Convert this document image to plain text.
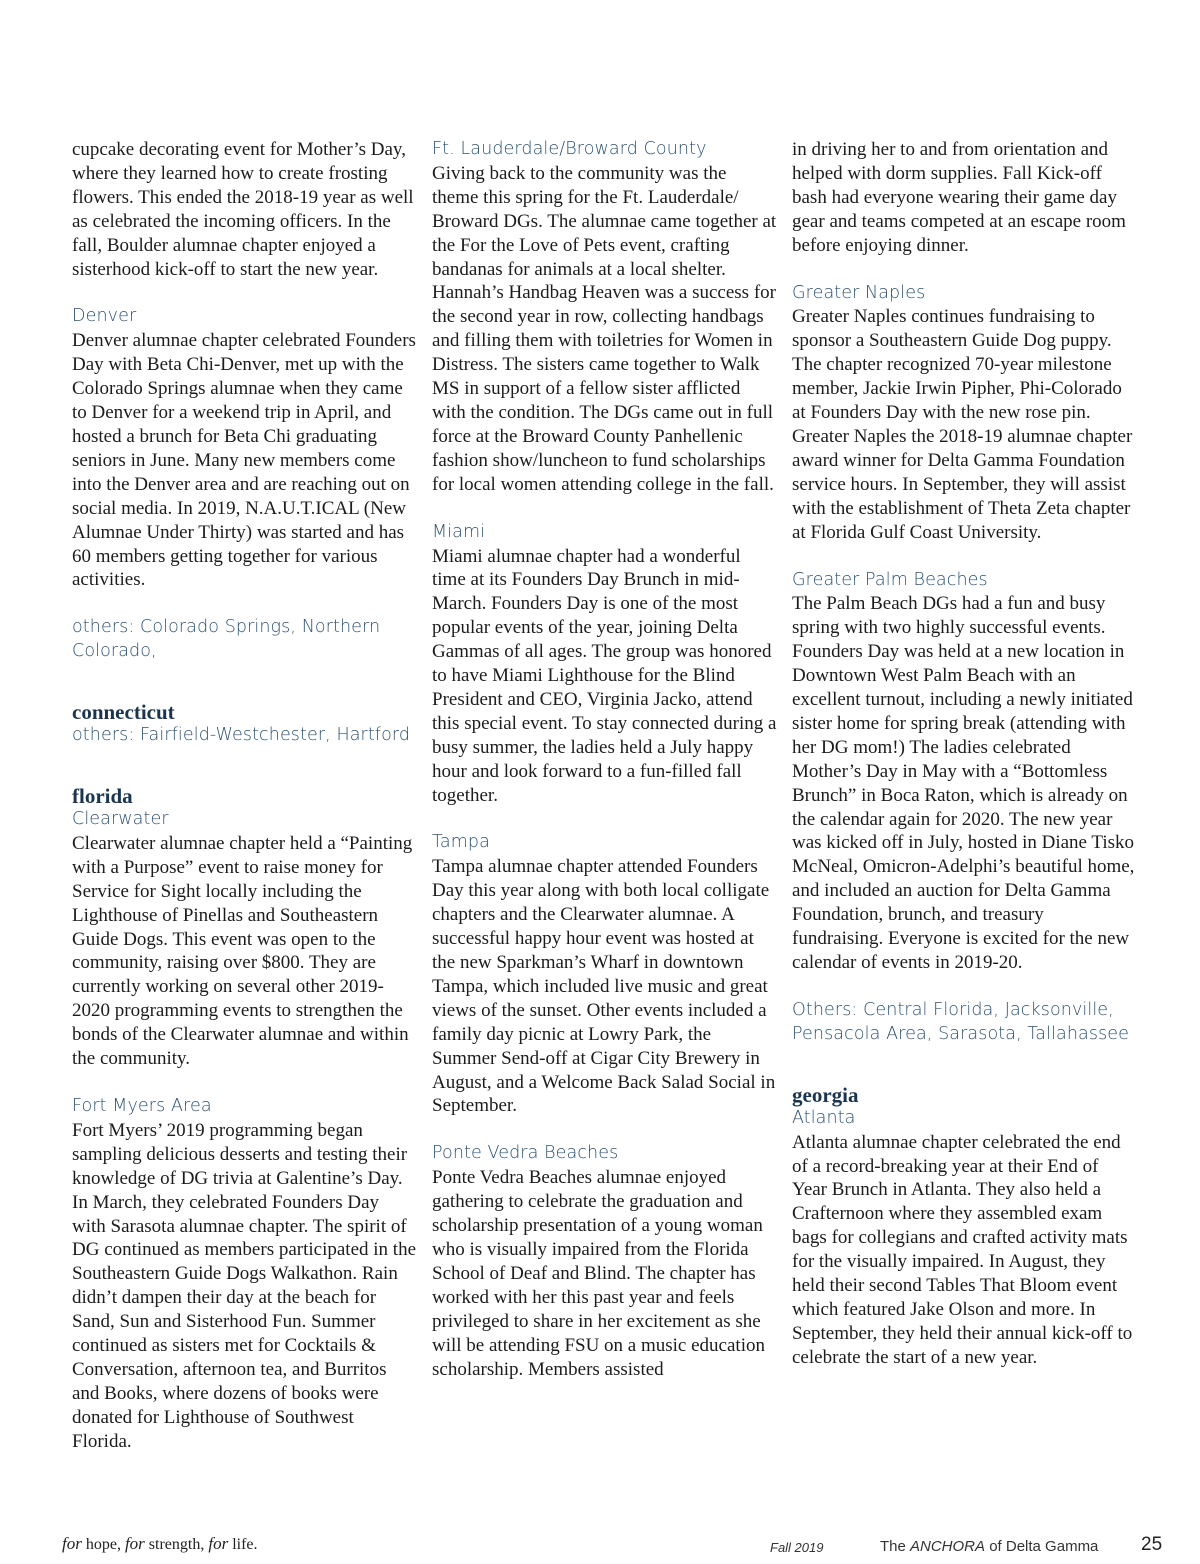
cupcake decorating event for Mother’s Day, where they learned how to create frosting flowers. This ended the 2018-19 year as well as celebrated the incoming officers. In the fall, Boulder alumnae chapter enjoyed a sisterhood kick-off to start the new year.

Denver

Denver alumnae chapter celebrated Founders Day with Beta Chi-Denver, met up with the Colorado Springs alumnae when they came to Denver for a weekend trip in April, and hosted a brunch for Beta Chi graduating seniors in June. Many new members come into the Denver area and are reaching out on social media. In 2019, N.A.U.T.ICAL (New Alumnae Under Thirty) was started and has 60 members getting together for various activities.

others: Colorado Springs, Northern Colorado,
connecticut
others: Fairfield-Westchester, Hartford
florida
Clearwater

Clearwater alumnae chapter held a “Painting with a Purpose” event to raise money for Service for Sight locally including the Lighthouse of Pinellas and Southeastern Guide Dogs. This event was open to the community, raising over $800. They are currently working on several other 2019-2020 programming events to strengthen the bonds of the Clearwater alumnae and within the community.

Fort Myers Area

Fort Myers’ 2019 programming began sampling delicious desserts and testing their knowledge of DG trivia at Galentine’s Day. In March, they celebrated Founders Day with Sarasota alumnae chapter. The spirit of DG continued as members participated in the Southeastern Guide Dogs Walkathon. Rain didn’t dampen their day at the beach for Sand, Sun and Sisterhood Fun. Summer continued as sisters met for Cocktails & Conversation, afternoon tea, and Burritos and Books, where dozens of books were donated for Lighthouse of Southwest Florida.

Ft. Lauderdale/Broward County

Giving back to the community was the theme this spring for the Ft. Lauderdale/ Broward DGs. The alumnae came together at the For the Love of Pets event, crafting bandanas for animals at a local shelter. Hannah’s Handbag Heaven was a success for the second year in row, collecting handbags and filling them with toiletries for Women in Distress. The sisters came together to Walk MS in support of a fellow sister afflicted with the condition. The DGs came out in full force at the Broward County Panhellenic fashion show/luncheon to fund scholarships for local women attending college in the fall.

Miami

Miami alumnae chapter had a wonderful time at its Founders Day Brunch in mid-March. Founders Day is one of the most popular events of the year, joining Delta Gammas of all ages. The group was honored to have Miami Lighthouse for the Blind President and CEO, Virginia Jacko, attend this special event. To stay connected during a busy summer, the ladies held a July happy hour and look forward to a fun-filled fall together.

Tampa

Tampa alumnae chapter attended Founders Day this year along with both local colligate chapters and the Clearwater alumnae. A successful happy hour event was hosted at the new Sparkman’s Wharf in downtown Tampa, which included live music and great views of the sunset. Other events included a family day picnic at Lowry Park, the Summer Send-off at Cigar City Brewery in August, and a Welcome Back Salad Social in September.

Ponte Vedra Beaches

Ponte Vedra Beaches alumnae enjoyed gathering to celebrate the graduation and scholarship presentation of a young woman who is visually impaired from the Florida School of Deaf and Blind. The chapter has worked with her this past year and feels privileged to share in her excitement as she will be attending FSU on a music education scholarship. Members assisted

in driving her to and from orientation and helped with dorm supplies. Fall Kick-off bash had everyone wearing their game day gear and teams competed at an escape room before enjoying dinner.

Greater Naples

Greater Naples continues fundraising to sponsor a Southeastern Guide Dog puppy. The chapter recognized 70-year milestone member, Jackie Irwin Pipher, Phi-Colorado at Founders Day with the new rose pin. Greater Naples the 2018-19 alumnae chapter award winner for Delta Gamma Foundation service hours. In September, they will assist with the establishment of Theta Zeta chapter at Florida Gulf Coast University.

Greater Palm Beaches

The Palm Beach DGs had a fun and busy spring with two highly successful events. Founders Day was held at a new location in Downtown West Palm Beach with an excellent turnout, including a newly initiated sister home for spring break (attending with her DG mom!) The ladies celebrated Mother’s Day in May with a “Bottomless Brunch” in Boca Raton, which is already on the calendar again for 2020. The new year was kicked off in July, hosted in Diane Tisko McNeal, Omicron-Adelphi’s beautiful home, and included an auction for Delta Gamma Foundation, brunch, and treasury fundraising. Everyone is excited for the new calendar of events in 2019-20.

Others: Central Florida, Jacksonville, Pensacola Area, Sarasota, Tallahassee
georgia
Atlanta

Atlanta alumnae chapter celebrated the end of a record-breaking year at their End of Year Brunch in Atlanta. They also held a Crafternoon where they assembled exam bags for collegians and crafted activity mats for the visually impaired. In August, they held their second Tables That Bloom event which featured Jake Olson and more. In September, they held their annual kick-off to celebrate the start of a new year.

for hope, for strength, for life.	Fall 2019	The ANCHORA of Delta Gamma 25
